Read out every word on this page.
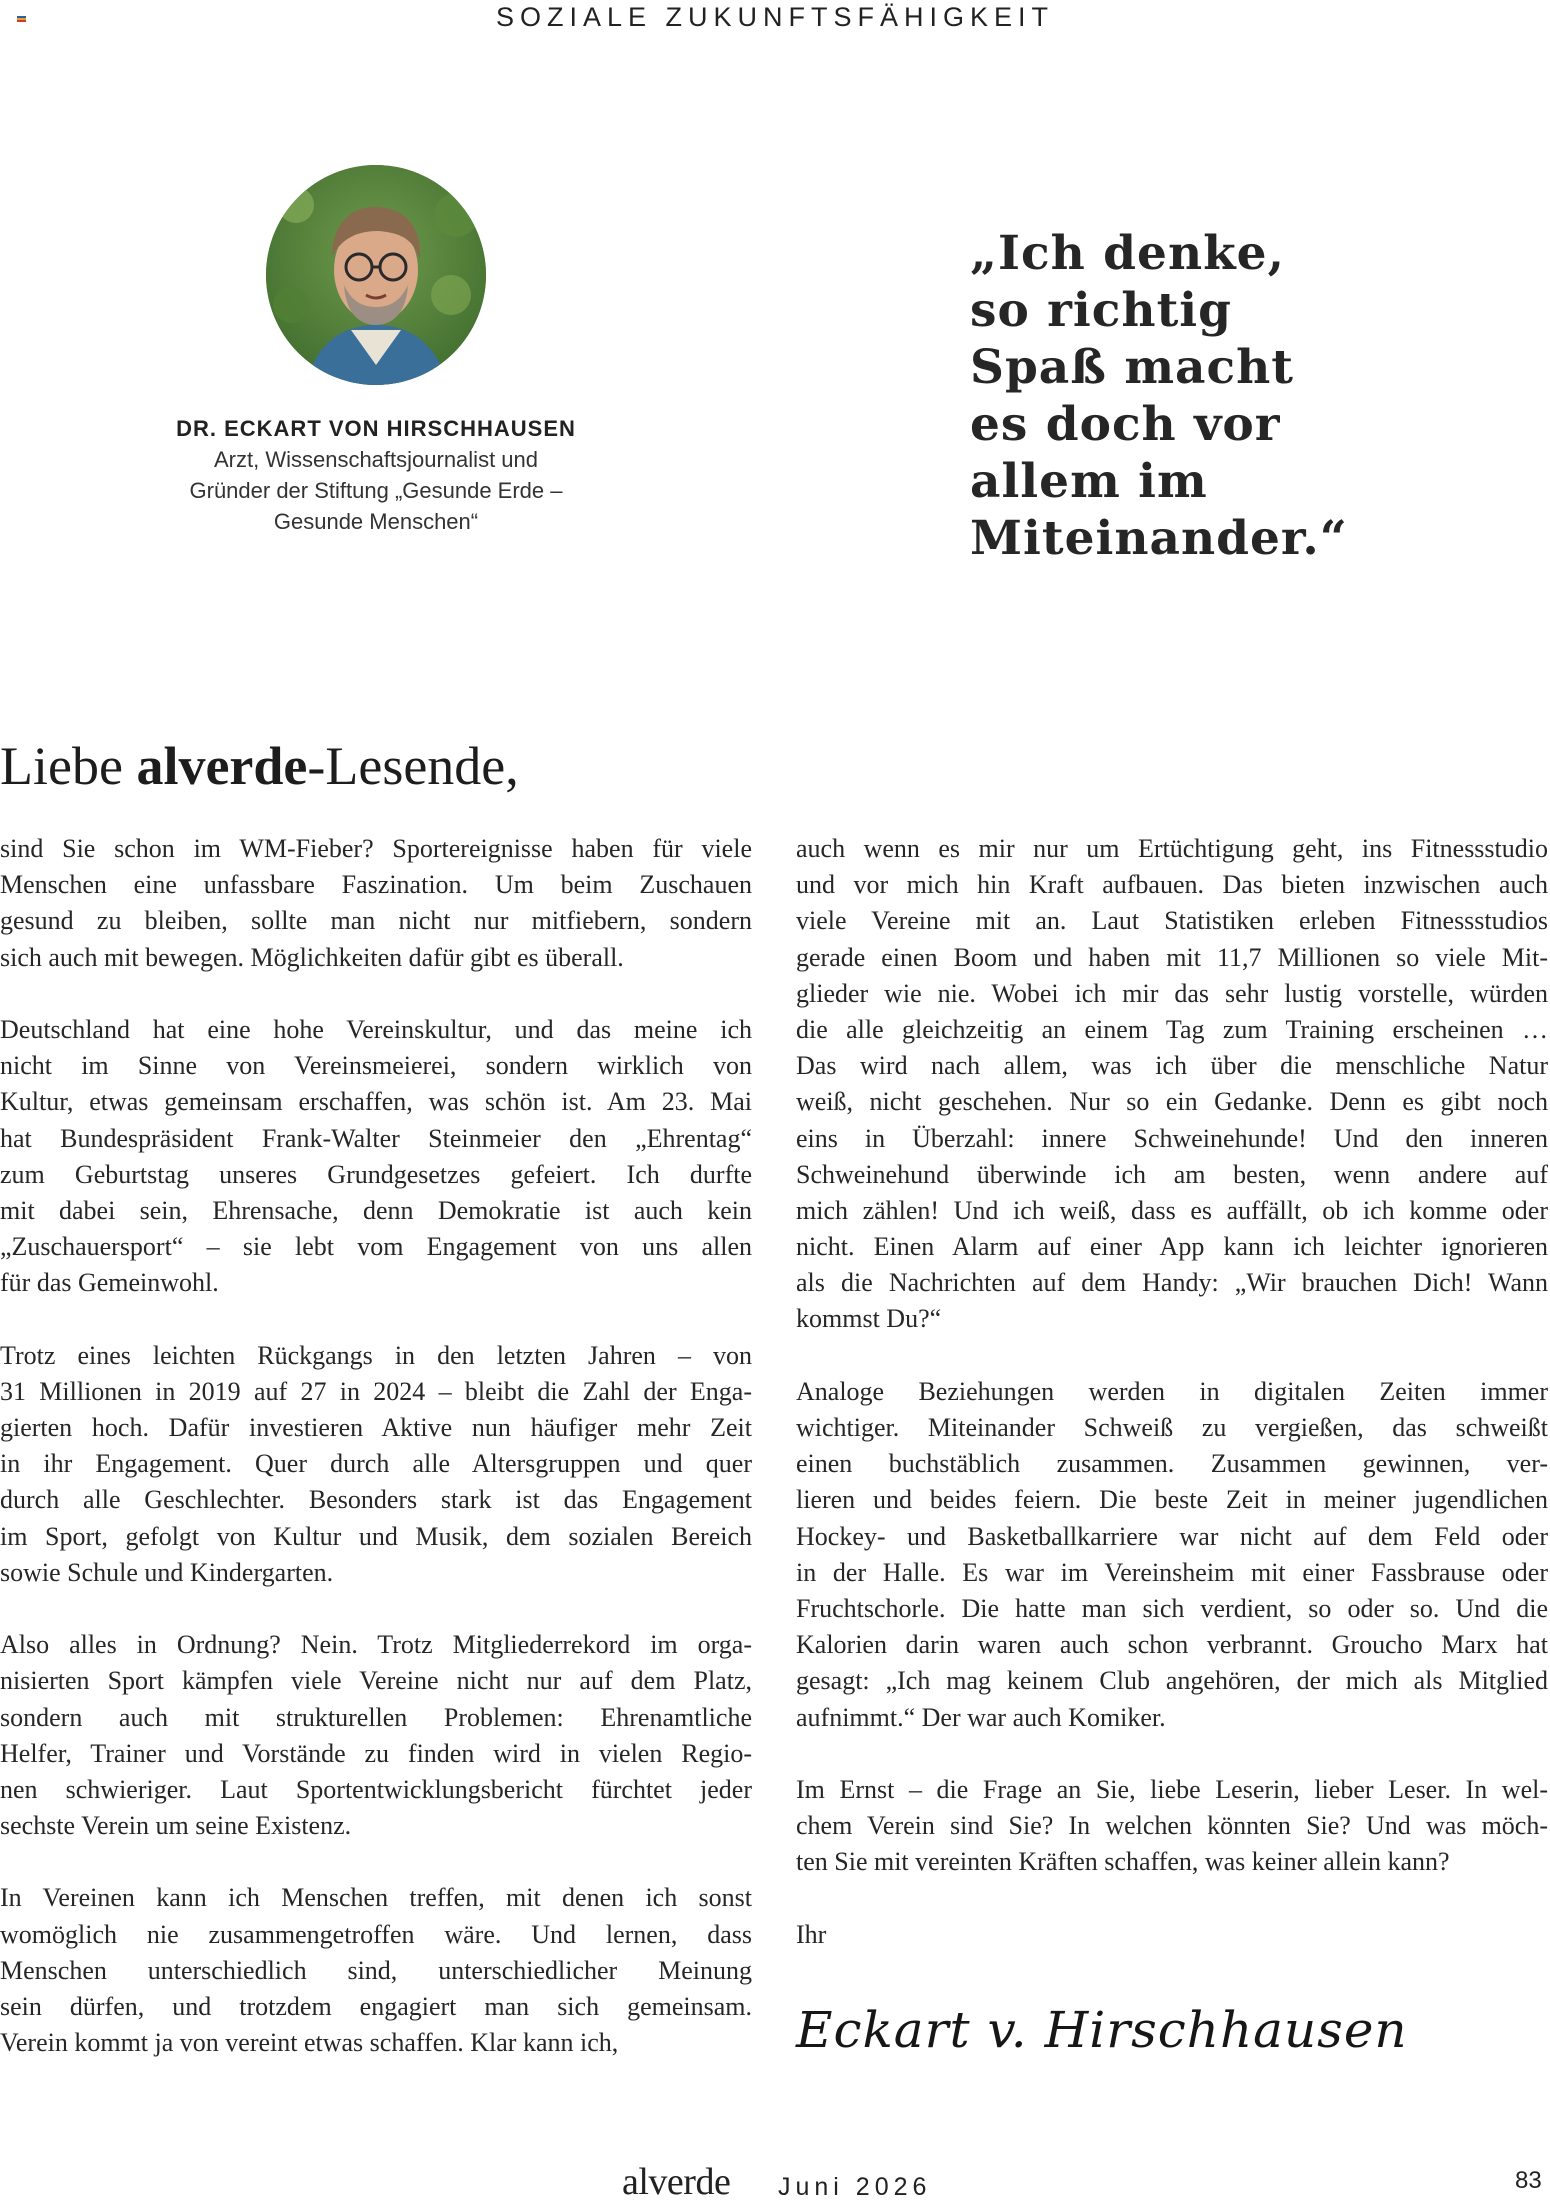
SOZIALE ZUKUNFTSFÄHIGKEIT
DR. ECKART VON HIRSCHHAUSEN
Arzt, Wissenschaftsjournalist und
Gründer der Stiftung „Gesunde Erde –
Gesunde Menschen“
„Ich denke,
so richtig
Spaß macht
es doch vor
allem im
Miteinander.“
Liebe alverde-Lesende,
sind Sie schon im WM-Fieber? Sportereignisse haben für viele
Menschen eine unfassbare Faszination. Um beim Zuschauen
gesund zu bleiben, sollte man nicht nur mitfiebern, sondern
sich auch mit bewegen. Möglichkeiten dafür gibt es überall.
Deutschland hat eine hohe Vereinskultur, und das meine ich
nicht im Sinne von Vereinsmeierei, sondern wirklich von
Kultur, etwas gemeinsam erschaffen, was schön ist. Am 23. Mai
hat Bundespräsident Frank-Walter Steinmeier den „Ehrentag“
zum Geburtstag unseres Grundgesetzes gefeiert. Ich durfte
mit dabei sein, Ehrensache, denn Demokratie ist auch kein
„Zuschauersport“ – sie lebt vom Engagement von uns allen
für das Gemeinwohl.
Trotz eines leichten Rückgangs in den letzten Jahren – von
31 Millionen in 2019 auf 27 in 2024 – bleibt die Zahl der Enga-
gierten hoch. Dafür investieren Aktive nun häufiger mehr Zeit
in ihr Engagement. Quer durch alle Altersgruppen und quer
durch alle Geschlechter. Besonders stark ist das Engagement
im Sport, gefolgt von Kultur und Musik, dem sozialen Bereich
sowie Schule und Kindergarten.
Also alles in Ordnung? Nein. Trotz Mitgliederrekord im orga-
nisierten Sport kämpfen viele Vereine nicht nur auf dem Platz,
sondern auch mit strukturellen Problemen: Ehrenamtliche
Helfer, Trainer und Vorstände zu finden wird in vielen Regio-
nen schwieriger. Laut Sportentwicklungsbericht fürchtet jeder
sechste Verein um seine Existenz.
In Vereinen kann ich Menschen treffen, mit denen ich sonst
womöglich nie zusammengetroffen wäre. Und lernen, dass
Menschen unterschiedlich sind, unterschiedlicher Meinung
sein dürfen, und trotzdem engagiert man sich gemeinsam.
Verein kommt ja von vereint etwas schaffen. Klar kann ich,
auch wenn es mir nur um Ertüchtigung geht, ins Fitnessstudio
und vor mich hin Kraft aufbauen. Das bieten inzwischen auch
viele Vereine mit an. Laut Statistiken erleben Fitnessstudios
gerade einen Boom und haben mit 11,7 Millionen so viele Mit-
glieder wie nie. Wobei ich mir das sehr lustig vorstelle, würden
die alle gleichzeitig an einem Tag zum Training erscheinen …
Das wird nach allem, was ich über die menschliche Natur
weiß, nicht geschehen. Nur so ein Gedanke. Denn es gibt noch
eins in Überzahl: innere Schweinehunde! Und den inneren
Schweinehund überwinde ich am besten, wenn andere auf
mich zählen! Und ich weiß, dass es auffällt, ob ich komme oder
nicht. Einen Alarm auf einer App kann ich leichter ignorieren
als die Nachrichten auf dem Handy: „Wir brauchen Dich! Wann
kommst Du?“
Analoge Beziehungen werden in digitalen Zeiten immer
wichtiger. Miteinander Schweiß zu vergießen, das schweißt
einen buchstäblich zusammen. Zusammen gewinnen, ver-
lieren und beides feiern. Die beste Zeit in meiner jugendlichen
Hockey- und Basketballkarriere war nicht auf dem Feld oder
in der Halle. Es war im Vereinsheim mit einer Fassbrause oder
Fruchtschorle. Die hatte man sich verdient, so oder so. Und die
Kalorien darin waren auch schon verbrannt. Groucho Marx hat
gesagt: „Ich mag keinem Club angehören, der mich als Mitglied
aufnimmt.“ Der war auch Komiker.
Im Ernst – die Frage an Sie, liebe Leserin, lieber Leser. In wel-
chem Verein sind Sie? In welchen könnten Sie? Und was möch-
ten Sie mit vereinten Kräften schaffen, was keiner allein kann?
Ihr
Eckart v. Hirschhausen
alverde Juni 2026	83
